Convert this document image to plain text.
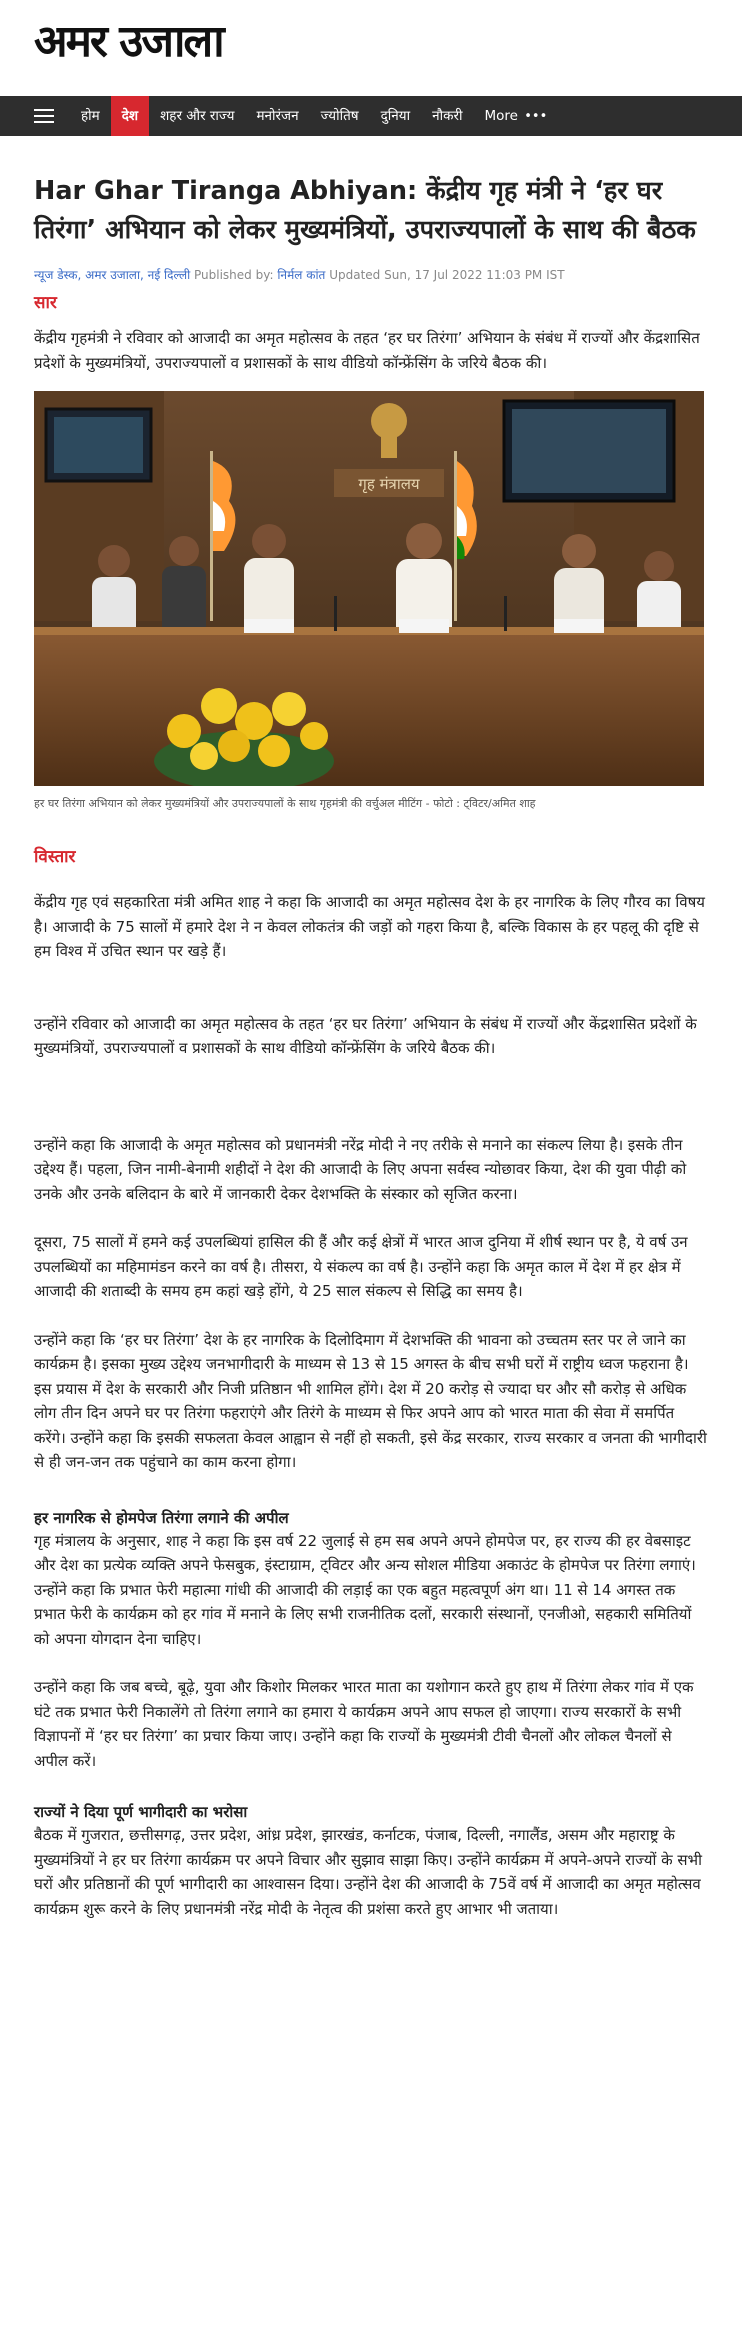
अमर उजाला
होम	देश	शहर और राज्य	मनोरंजन	ज्योतिष	दुनिया	नौकरी	More •••
Har Ghar Tiranga Abhiyan: केंद्रीय गृह मंत्री ने ‘हर घर तिरंगा’ अभियान को लेकर मुख्यमंत्रियों, उपराज्यपालों के साथ की बैठक
न्यूज डेस्क, अमर उजाला, नई दिल्ली Published by: निर्मल कांत Updated Sun, 17 Jul 2022 11:03 PM IST
सार

केंद्रीय गृहमंत्री ने रविवार को आजादी का अमृत महोत्सव के तहत ‘हर घर तिरंगा’ अभियान के संबंध में राज्यों और केंद्रशासित प्रदेशों के मुख्यमंत्रियों, उपराज्यपालों व प्रशासकों के साथ वीडियो कॉन्फ्रेंसिंग के जरिये बैठक की।

गृह मंत्रालय

हर घर तिरंगा अभियान को लेकर मुख्यमंत्रियों और उपराज्यपालों के साथ गृहमंत्री की वर्चुअल मीटिंग - फोटो : ट्विटर/अमित शाह

विस्तार

केंद्रीय गृह एवं सहकारिता मंत्री अमित शाह ने कहा कि आजादी का अमृत महोत्सव देश के हर नागरिक के लिए गौरव का विषय है। आजादी के 75 सालों में हमारे देश ने न केवल लोकतंत्र की जड़ों को गहरा किया है, बल्कि विकास के हर पहलू की दृष्टि से हम विश्व में उचित स्थान पर खड़े हैं।

उन्होंने रविवार को आजादी का अमृत महोत्सव के तहत ‘हर घर तिरंगा’ अभियान के संबंध में राज्यों और केंद्रशासित प्रदेशों के मुख्यमंत्रियों, उपराज्यपालों व प्रशासकों के साथ वीडियो कॉन्फ्रेंसिंग के जरिये बैठक की।

उन्होंने कहा कि आजादी के अमृत महोत्सव को प्रधानमंत्री नरेंद्र मोदी ने नए तरीके से मनाने का संकल्प लिया है। इसके तीन उद्देश्य हैं। पहला, जिन नामी-बेनामी शहीदों ने देश की आजादी के लिए अपना सर्वस्व न्योछावर किया, देश की युवा पीढ़ी को उनके और उनके बलिदान के बारे में जानकारी देकर देशभक्ति के संस्कार को सृजित करना।

दूसरा, 75 सालों में हमने कई उपलब्धियां हासिल की हैं और कई क्षेत्रों में भारत आज दुनिया में शीर्ष स्थान पर है, ये वर्ष उन उपलब्धियों का महिमामंडन करने का वर्ष है। तीसरा, ये संकल्प का वर्ष है। उन्होंने कहा कि अमृत काल में देश में हर क्षेत्र में आजादी की शताब्दी के समय हम कहां खड़े होंगे, ये 25 साल संकल्प से सिद्धि का समय है।

उन्होंने कहा कि ‘हर घर तिरंगा’ देश के हर नागरिक के दिलोदिमाग में देशभक्ति की भावना को उच्चतम स्तर पर ले जाने का कार्यक्रम है। इसका मुख्य उद्देश्य जनभागीदारी के माध्यम से 13 से 15 अगस्त के बीच सभी घरों में राष्ट्रीय ध्वज फहराना है। इस प्रयास में देश के सरकारी और निजी प्रतिष्ठान भी शामिल होंगे। देश में 20 करोड़ से ज्यादा घर और सौ करोड़ से अधिक लोग तीन दिन अपने घर पर तिरंगा फहराएंगे और तिरंगे के माध्यम से फिर अपने आप को भारत माता की सेवा में समर्पित करेंगे। उन्होंने कहा कि इसकी सफलता केवल आह्वान से नहीं हो सकती, इसे केंद्र सरकार, राज्य सरकार व जनता की भागीदारी से ही जन-जन तक पहुंचाने का काम करना होगा।

हर नागरिक से होमपेज तिरंगा लगाने की अपील

गृह मंत्रालय के अनुसार, शाह ने कहा कि इस वर्ष 22 जुलाई से हम सब अपने अपने होमपेज पर, हर राज्य की हर वेबसाइट और देश का प्रत्येक व्यक्ति अपने फेसबुक, इंस्टाग्राम, ट्विटर और अन्य सोशल मीडिया अकाउंट के होमपेज पर तिरंगा लगाएं। उन्होंने कहा कि प्रभात फेरी महात्मा गांधी की आजादी की लड़ाई का एक बहुत महत्वपूर्ण अंग था। 11 से 14 अगस्त तक प्रभात फेरी के कार्यक्रम को हर गांव में मनाने के लिए सभी राजनीतिक दलों, सरकारी संस्थानों, एनजीओ, सहकारी समितियों को अपना योगदान देना चाहिए।

उन्होंने कहा कि जब बच्चे, बूढ़े, युवा और किशोर मिलकर भारत माता का यशोगान करते हुए हाथ में तिरंगा लेकर गांव में एक घंटे तक प्रभात फेरी निकालेंगे तो तिरंगा लगाने का हमारा ये कार्यक्रम अपने आप सफल हो जाएगा। राज्य सरकारों के सभी विज्ञापनों में ‘हर घर तिरंगा’ का प्रचार किया जाए। उन्होंने कहा कि राज्यों के मुख्यमंत्री टीवी चैनलों और लोकल चैनलों से अपील करें।

राज्यों ने दिया पूर्ण भागीदारी का भरोसा

बैठक में गुजरात, छत्तीसगढ़, उत्तर प्रदेश, आंध्र प्रदेश, झारखंड, कर्नाटक, पंजाब, दिल्ली, नगालैंड, असम और महाराष्ट्र के मुख्यमंत्रियों ने हर घर तिरंगा कार्यक्रम पर अपने विचार और सुझाव साझा किए। उन्होंने कार्यक्रम में अपने-अपने राज्यों के सभी घरों और प्रतिष्ठानों की पूर्ण भागीदारी का आश्वासन दिया। उन्होंने देश की आजादी के 75वें वर्ष में आजादी का अमृत महोत्सव कार्यक्रम शुरू करने के लिए प्रधानमंत्री नरेंद्र मोदी के नेतृत्व की प्रशंसा करते हुए आभार भी जताया।
